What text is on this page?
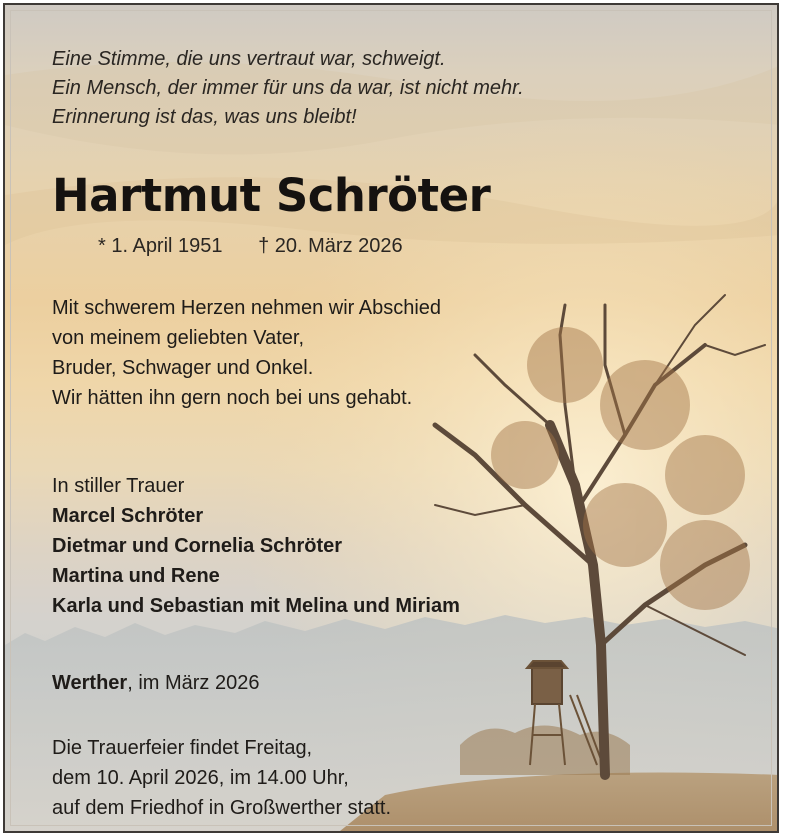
Eine Stimme, die uns vertraut war, schweigt.
Ein Mensch, der immer für uns da war, ist nicht mehr.
Erinnerung ist das, was uns bleibt!
Hartmut Schröter
* 1. April 1951 † 20. März 2026
Mit schwerem Herzen nehmen wir Abschied
von meinem geliebten Vater,
Bruder, Schwager und Onkel.
Wir hätten ihn gern noch bei uns gehabt.
In stiller Trauer
Marcel Schröter
Dietmar und Cornelia Schröter
Martina und Rene
Karla und Sebastian mit Melina und Miriam
Werther, im März 2026
Die Trauerfeier findet Freitag,
dem 10. April 2026, im 14.00 Uhr,
auf dem Friedhof in Großwerther statt.
